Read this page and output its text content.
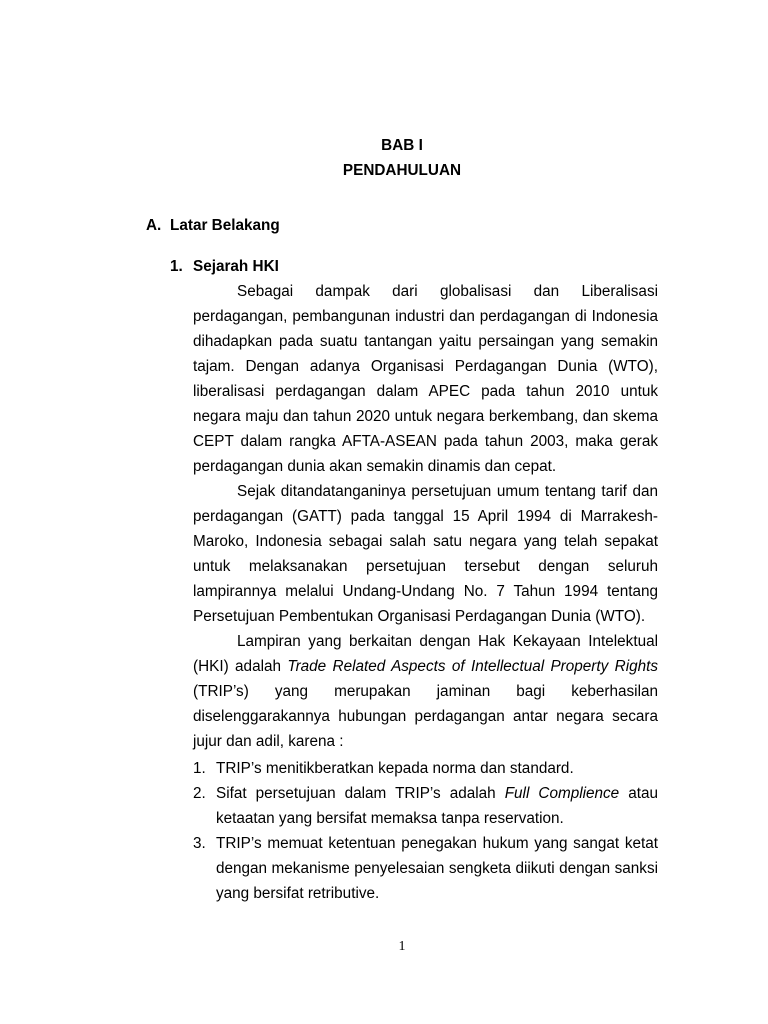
BAB I
PENDAHULUAN
A. Latar Belakang
1. Sejarah HKI

Sebagai dampak dari globalisasi dan Liberalisasi perdagangan, pembangunan industri dan perdagangan di Indonesia dihadapkan pada suatu tantangan yaitu persaingan yang semakin tajam. Dengan adanya Organisasi Perdagangan Dunia (WTO), liberalisasi perdagangan dalam APEC pada tahun 2010 untuk negara maju dan tahun 2020 untuk negara berkembang, dan skema CEPT dalam rangka AFTA-ASEAN pada tahun 2003, maka gerak perdagangan dunia akan semakin dinamis dan cepat.

Sejak ditandatanganinya persetujuan umum tentang tarif dan perdagangan (GATT) pada tanggal 15 April 1994 di Marrakesh-Maroko, Indonesia sebagai salah satu negara yang telah sepakat untuk melaksanakan persetujuan tersebut dengan seluruh lampirannya melalui Undang-Undang No. 7 Tahun 1994 tentang Persetujuan Pembentukan Organisasi Perdagangan Dunia (WTO).

Lampiran yang berkaitan dengan Hak Kekayaan Intelektual (HKI) adalah Trade Related Aspects of Intellectual Property Rights (TRIP’s) yang merupakan jaminan bagi keberhasilan diselenggarakannya hubungan perdagangan antar negara secara jujur dan adil, karena :

1. TRIP’s menitikberatkan kepada norma dan standard.
2. Sifat persetujuan dalam TRIP’s adalah Full Complience atau ketaatan yang bersifat memaksa tanpa reservation.
3. TRIP’s memuat ketentuan penegakan hukum yang sangat ketat dengan mekanisme penyelesaian sengketa diikuti dengan sanksi yang bersifat retributive.
1
